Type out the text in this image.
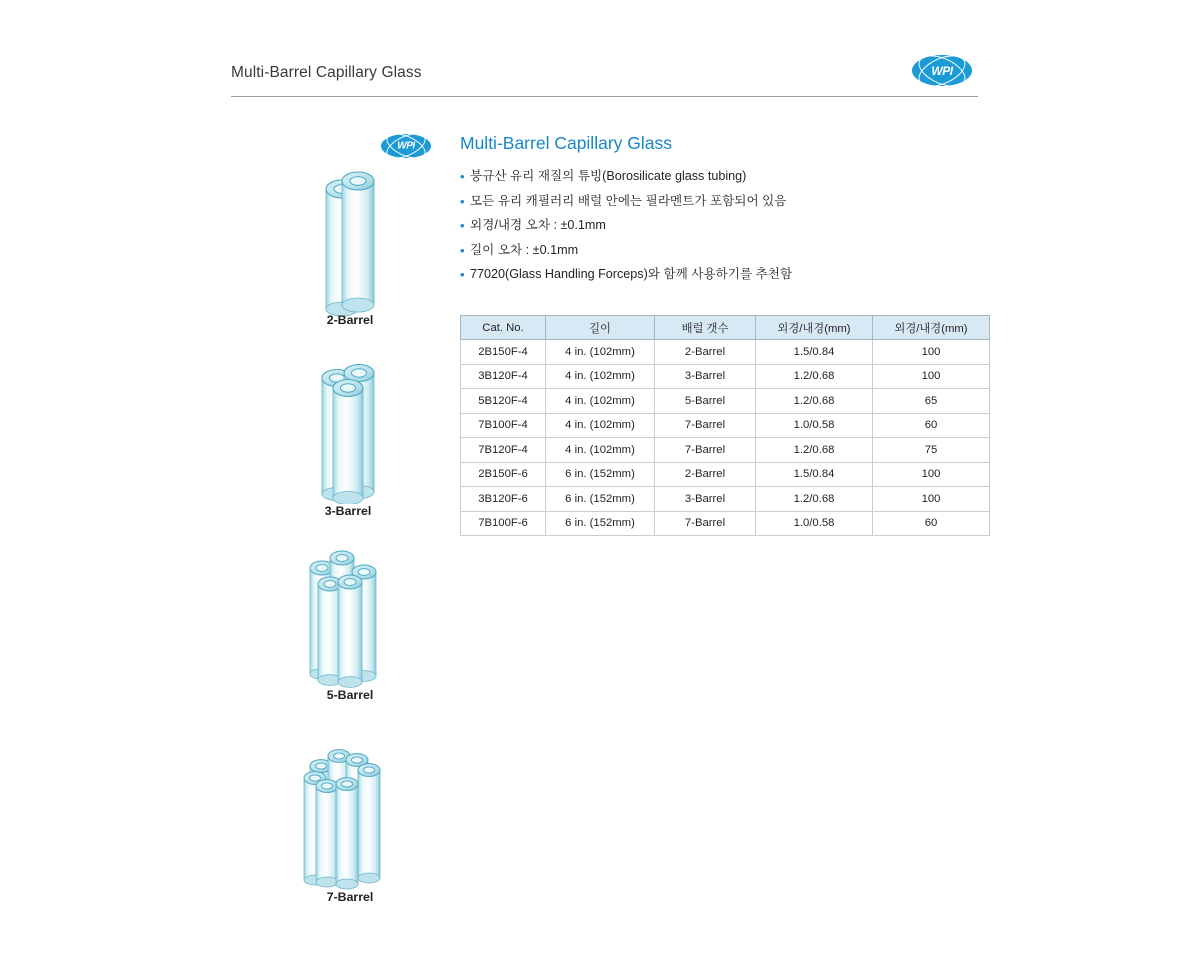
Multi-Barrel Capillary Glass	WPI
WPI	Multi-Barrel Capillary Glass
• 붕규산 유리 재질의 튜빙(Borosilicate glass tubing)
• 모든 유리 캐필러리 배럴 안에는 필라멘트가 포함되어 있음
• 외경/내경 오차 : ±0.1mm
• 길이 오차 : ±0.1mm
• 77020(Glass Handling Forceps)와 함께 사용하기를 추천함
Cat. No.	길이	배럴 갯수	외경/내경(mm)	외경/내경(mm)
2B150F-4	4 in. (102mm)	2-Barrel	1.5/0.84	100
3B120F-4	4 in. (102mm)	3-Barrel	1.2/0.68	100
5B120F-4	4 in. (102mm)	5-Barrel	1.2/0.68	65
7B100F-4	4 in. (102mm)	7-Barrel	1.0/0.58	60
7B120F-4	4 in. (102mm)	7-Barrel	1.2/0.68	75
2B150F-6	6 in. (152mm)	2-Barrel	1.5/0.84	100
3B120F-6	6 in. (152mm)	3-Barrel	1.2/0.68	100
7B100F-6	6 in. (152mm)	7-Barrel	1.0/0.58	60
2-Barrel
3-Barrel
5-Barrel
7-Barrel
